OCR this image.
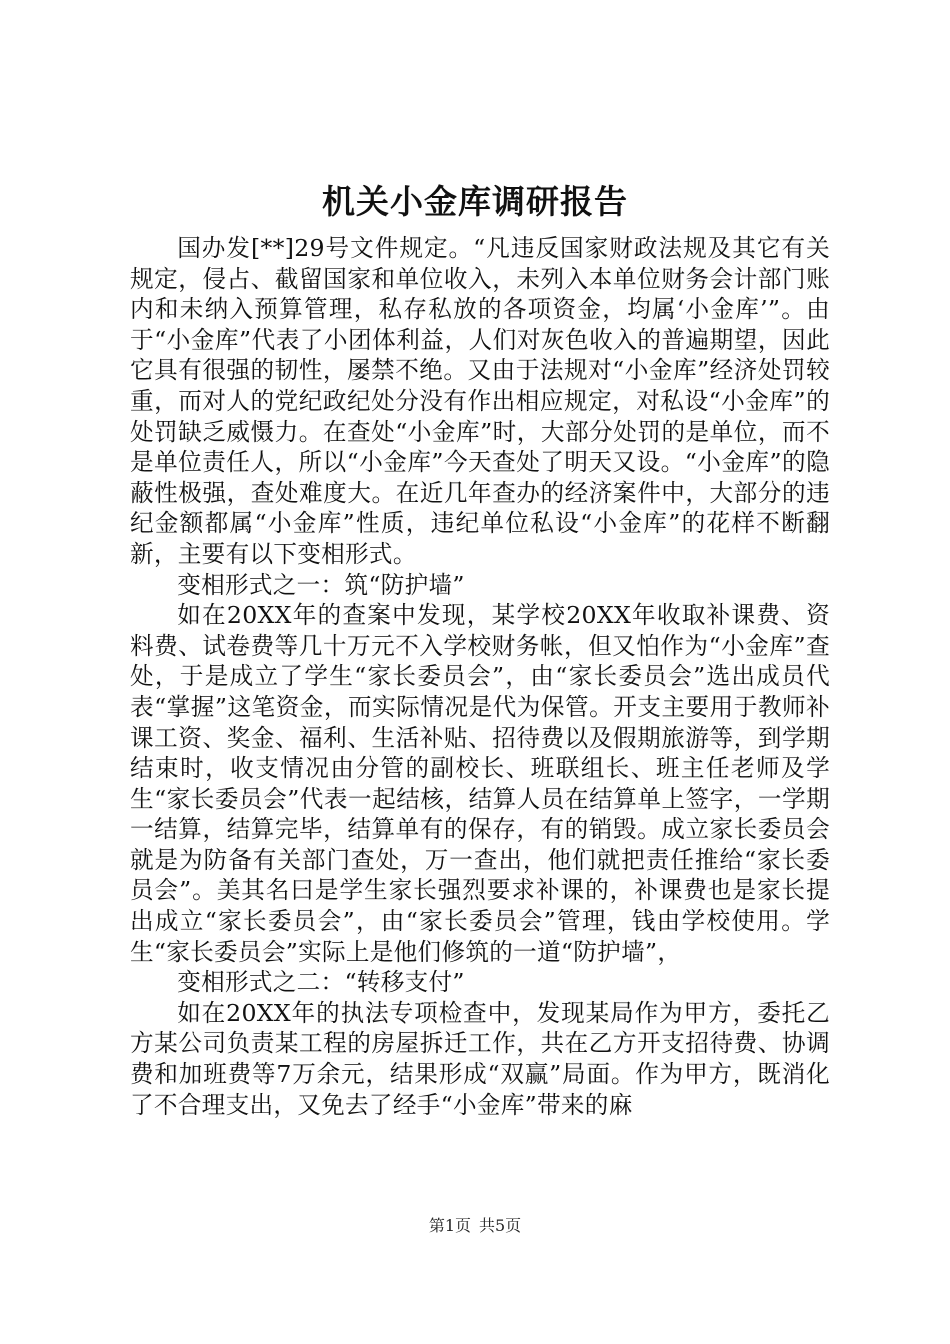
机关小金库调研报告

国办发[**]29号文件规定。“凡违反国家财政法规及其它有关规定，侵占、截留国家和单位收入，未列入本单位财务会计部门账内和未纳入预算管理，私存私放的各项资金，均属‘小金库’”。由于“小金库”代表了小团体利益，人们对灰色收入的普遍期望，因此它具有很强的韧性，屡禁不绝。又由于法规对“小金库”经济处罚较重，而对人的党纪政纪处分没有作出相应规定，对私设“小金库”的处罚缺乏威慑力。在查处“小金库”时，大部分处罚的是单位，而不是单位责任人，所以“小金库”今天查处了明天又设。“小金库”的隐蔽性极强，查处难度大。在近几年查办的经济案件中，大部分的违纪金额都属“小金库”性质，违纪单位私设“小金库”的花样不断翻新，主要有以下变相形式。

变相形式之一：筑“防护墙”

如在20XX年的查案中发现，某学校20XX年收取补课费、资料费、试卷费等几十万元不入学校财务帐，但又怕作为“小金库”查处，于是成立了学生“家长委员会”，由“家长委员会”选出成员代表“掌握”这笔资金，而实际情况是代为保管。开支主要用于教师补课工资、奖金、福利、生活补贴、招待费以及假期旅游等，到学期结束时，收支情况由分管的副校长、班联组长、班主任老师及学生“家长委员会”代表一起结核，结算人员在结算单上签字，一学期一结算，结算完毕，结算单有的保存，有的销毁。成立家长委员会就是为防备有关部门查处，万一查出，他们就把责任推给“家长委员会”。美其名曰是学生家长强烈要求补课的，补课费也是家长提出成立“家长委员会”，由“家长委员会”管理，钱由学校使用。学生“家长委员会”实际上是他们修筑的一道“防护墙”，

变相形式之二：“转移支付”

如在20XX年的执法专项检查中，发现某局作为甲方，委托乙方某公司负责某工程的房屋拆迁工作，共在乙方开支招待费、协调费和加班费等7万余元，结果形成“双赢”局面。作为甲方，既消化了不合理支出，又免去了经手“小金库”带来的麻

第1页 共5页
